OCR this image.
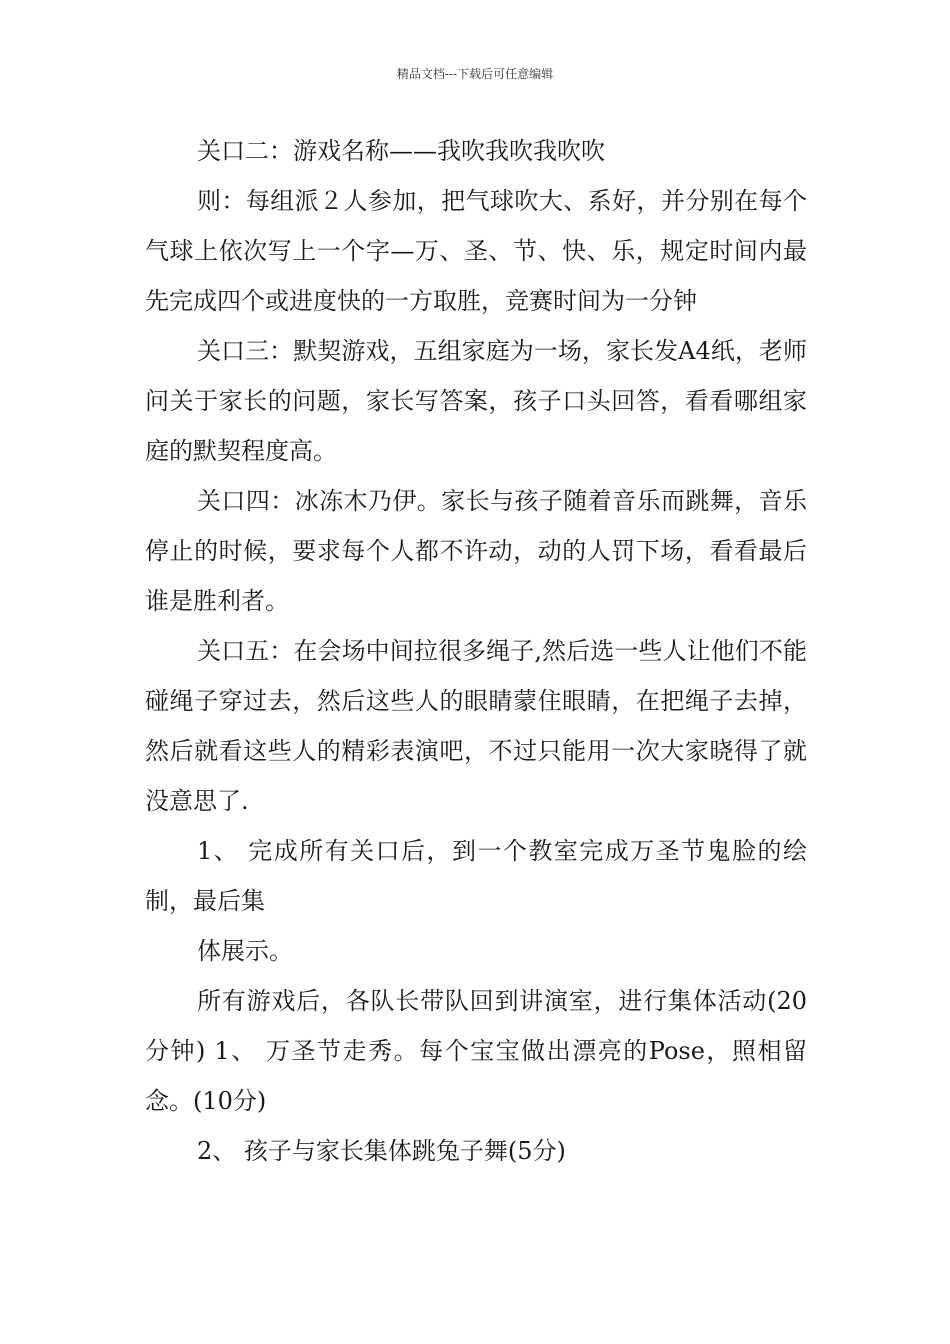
精品文档---下载后可任意编辑

关口二：游戏名称——我吹我吹我吹吹

则：每组派２人参加，把气球吹大、系好，并分别在每个气球上依次写上一个字—万、圣、节、快、乐，规定时间内最先完成四个或进度快的一方取胜，竞赛时间为一分钟

关口三：默契游戏，五组家庭为一场，家长发A4纸，老师问关于家长的问题，家长写答案，孩子口头回答，看看哪组家庭的默契程度高。

关口四：冰冻木乃伊。家长与孩子随着音乐而跳舞，音乐停止的时候，要求每个人都不许动，动的人罚下场，看看最后谁是胜利者。

关口五：在会场中间拉很多绳子,然后选一些人让他们不能碰绳子穿过去，然后这些人的眼睛蒙住眼睛，在把绳子去掉，然后就看这些人的精彩表演吧，不过只能用一次大家晓得了就没意思了.

1、 完成所有关口后，到一个教室完成万圣节鬼脸的绘制，最后集

体展示。

所有游戏后，各队长带队回到讲演室，进行集体活动(20分钟) 1、 万圣节走秀。每个宝宝做出漂亮的Pose，照相留念。(10分)

2、 孩子与家长集体跳兔子舞(5分)
